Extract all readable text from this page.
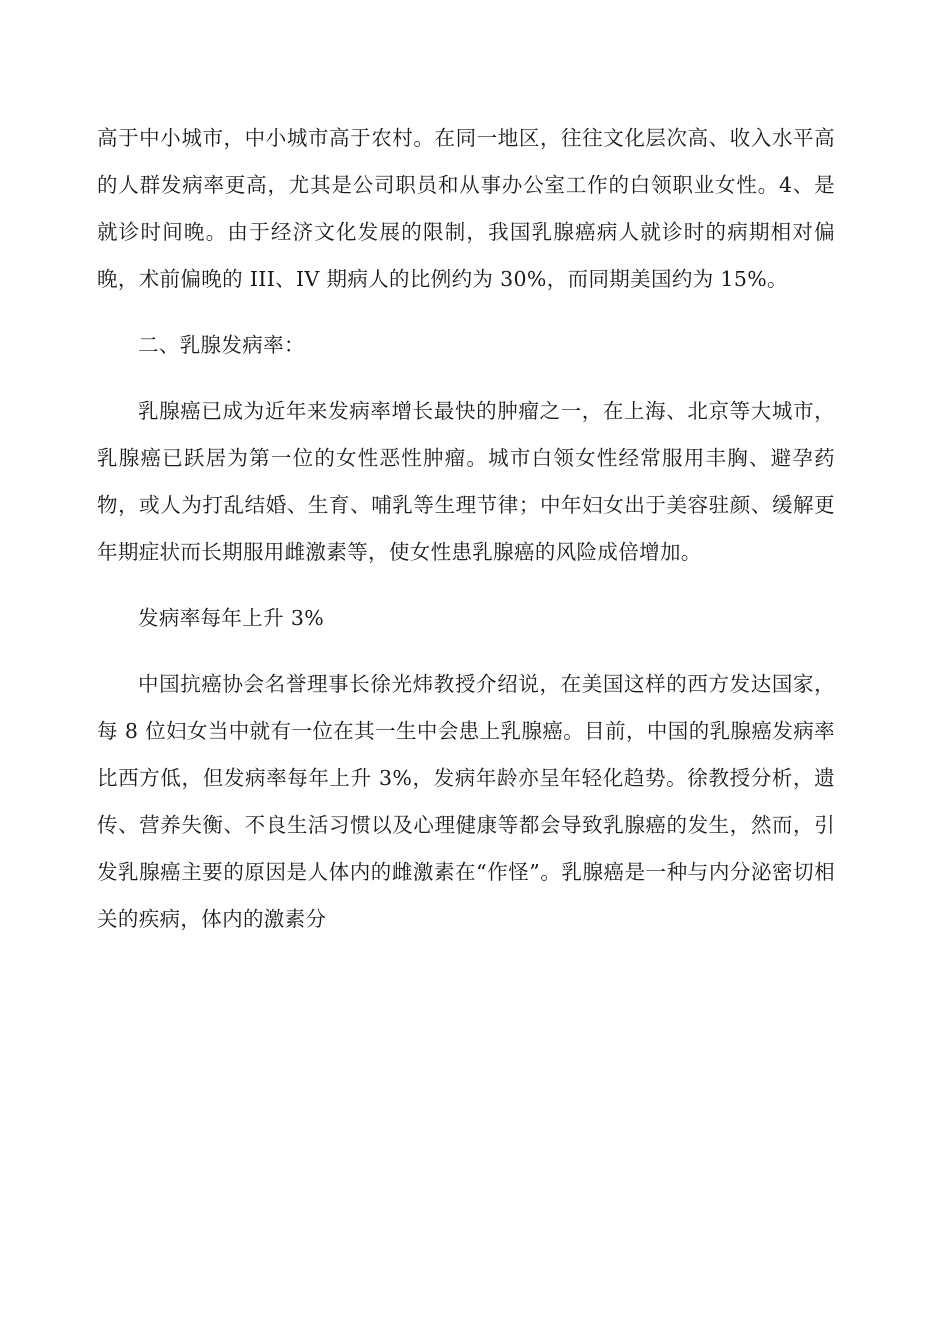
高于中小城市，中小城市高于农村。在同一地区，往往文化层次高、收入水平高的人群发病率更高，尤其是公司职员和从事办公室工作的白领职业女性。4、是就诊时间晚。由于经济文化发展的限制，我国乳腺癌病人就诊时的病期相对偏晚，术前偏晚的 III、IV 期病人的比例约为 30%，而同期美国约为 15%。

二、乳腺发病率：

乳腺癌已成为近年来发病率增长最快的肿瘤之一，在上海、北京等大城市，乳腺癌已跃居为第一位的女性恶性肿瘤。城市白领女性经常服用丰胸、避孕药物，或人为打乱结婚、生育、哺乳等生理节律；中年妇女出于美容驻颜、缓解更年期症状而长期服用雌激素等，使女性患乳腺癌的风险成倍增加。

发病率每年上升 3%

中国抗癌协会名誉理事长徐光炜教授介绍说，在美国这样的西方发达国家，每 8 位妇女当中就有一位在其一生中会患上乳腺癌。目前，中国的乳腺癌发病率比西方低，但发病率每年上升 3%，发病年龄亦呈年轻化趋势。徐教授分析，遗传、营养失衡、不良生活习惯以及心理健康等都会导致乳腺癌的发生，然而，引发乳腺癌主要的原因是人体内的雌激素在“作怪”。乳腺癌是一种与内分泌密切相关的疾病，体内的激素分
